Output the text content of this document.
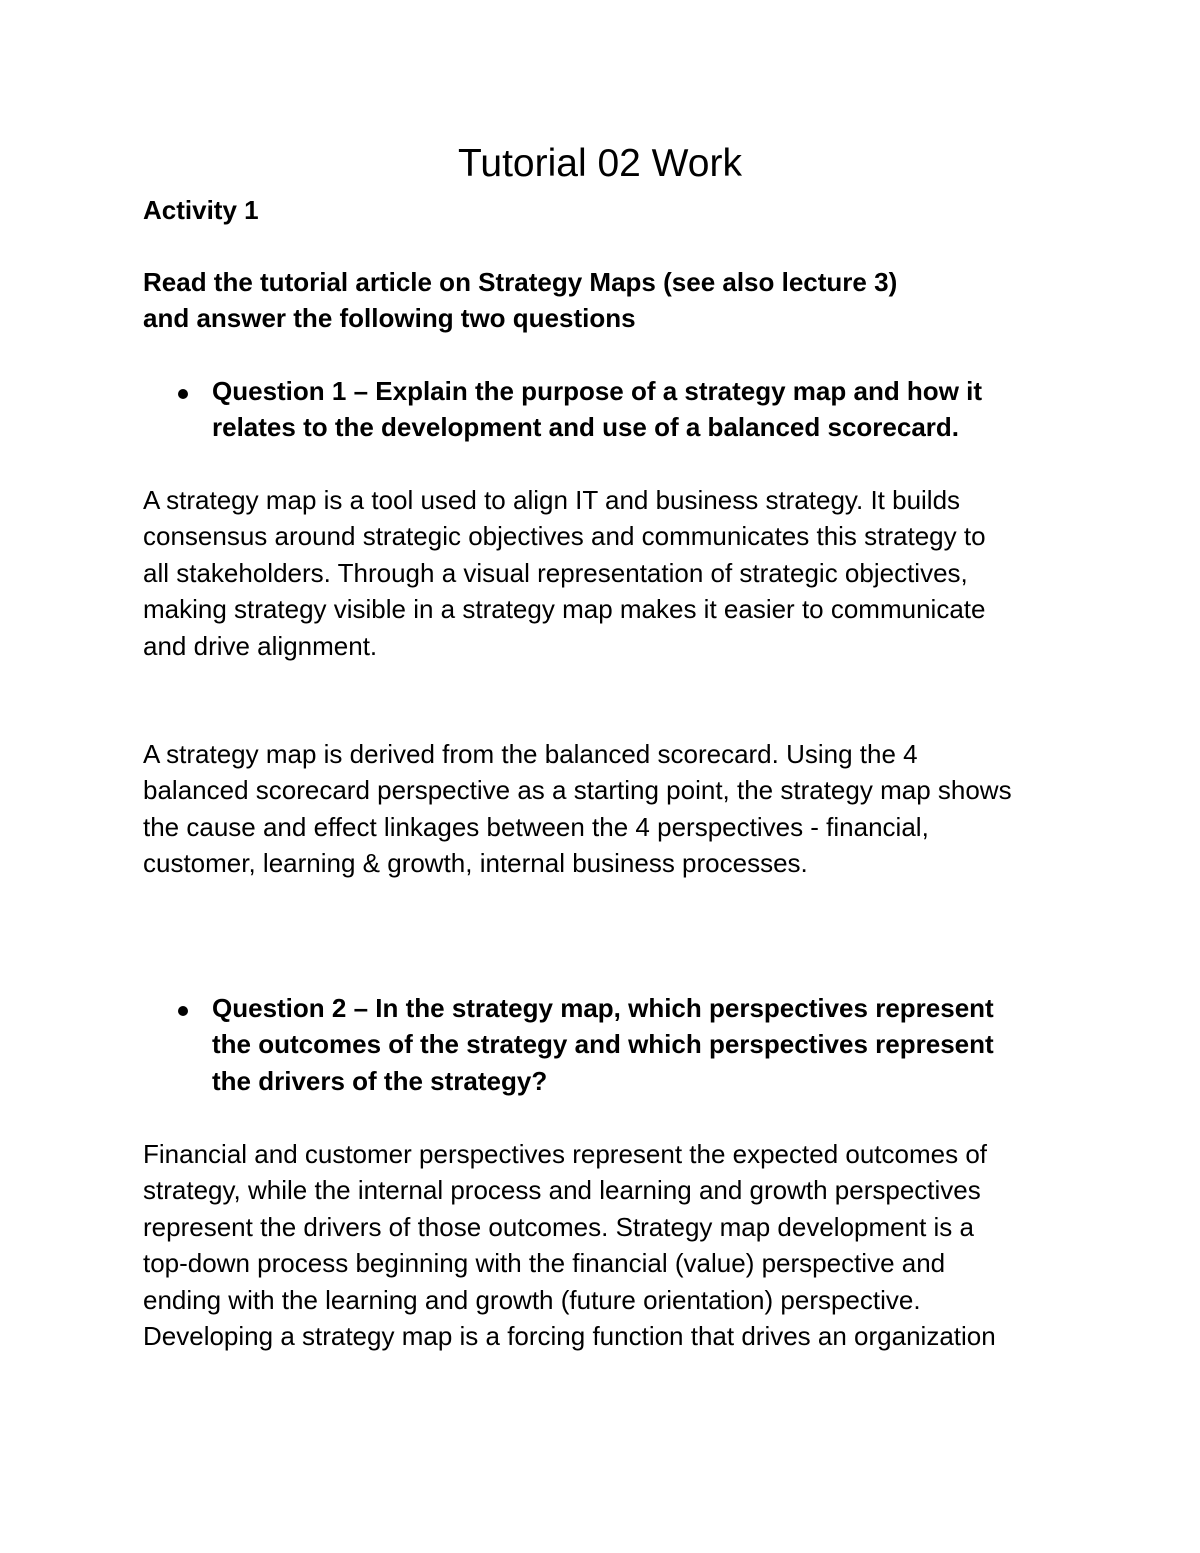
Tutorial 02 Work
Activity 1
Read the tutorial article on Strategy Maps (see also lecture 3)
and answer the following two questions
Question 1 – Explain the purpose of a strategy map and how it
relates to the development and use of a balanced scorecard.
A strategy map is a tool used to align IT and business strategy. It builds
consensus around strategic objectives and communicates this strategy to
all stakeholders. Through a visual representation of strategic objectives,
making strategy visible in a strategy map makes it easier to communicate
and drive alignment.
A strategy map is derived from the balanced scorecard. Using the 4
balanced scorecard perspective as a starting point, the strategy map shows
the cause and effect linkages between the 4 perspectives - financial,
customer, learning & growth, internal business processes.
Question 2 – In the strategy map, which perspectives represent
the outcomes of the strategy and which perspectives represent
the drivers of the strategy?
Financial and customer perspectives represent the expected outcomes of
strategy, while the internal process and learning and growth perspectives
represent the drivers of those outcomes. Strategy map development is a
top-down process beginning with the financial (value) perspective and
ending with the learning and growth (future orientation) perspective.
Developing a strategy map is a forcing function that drives an organization
